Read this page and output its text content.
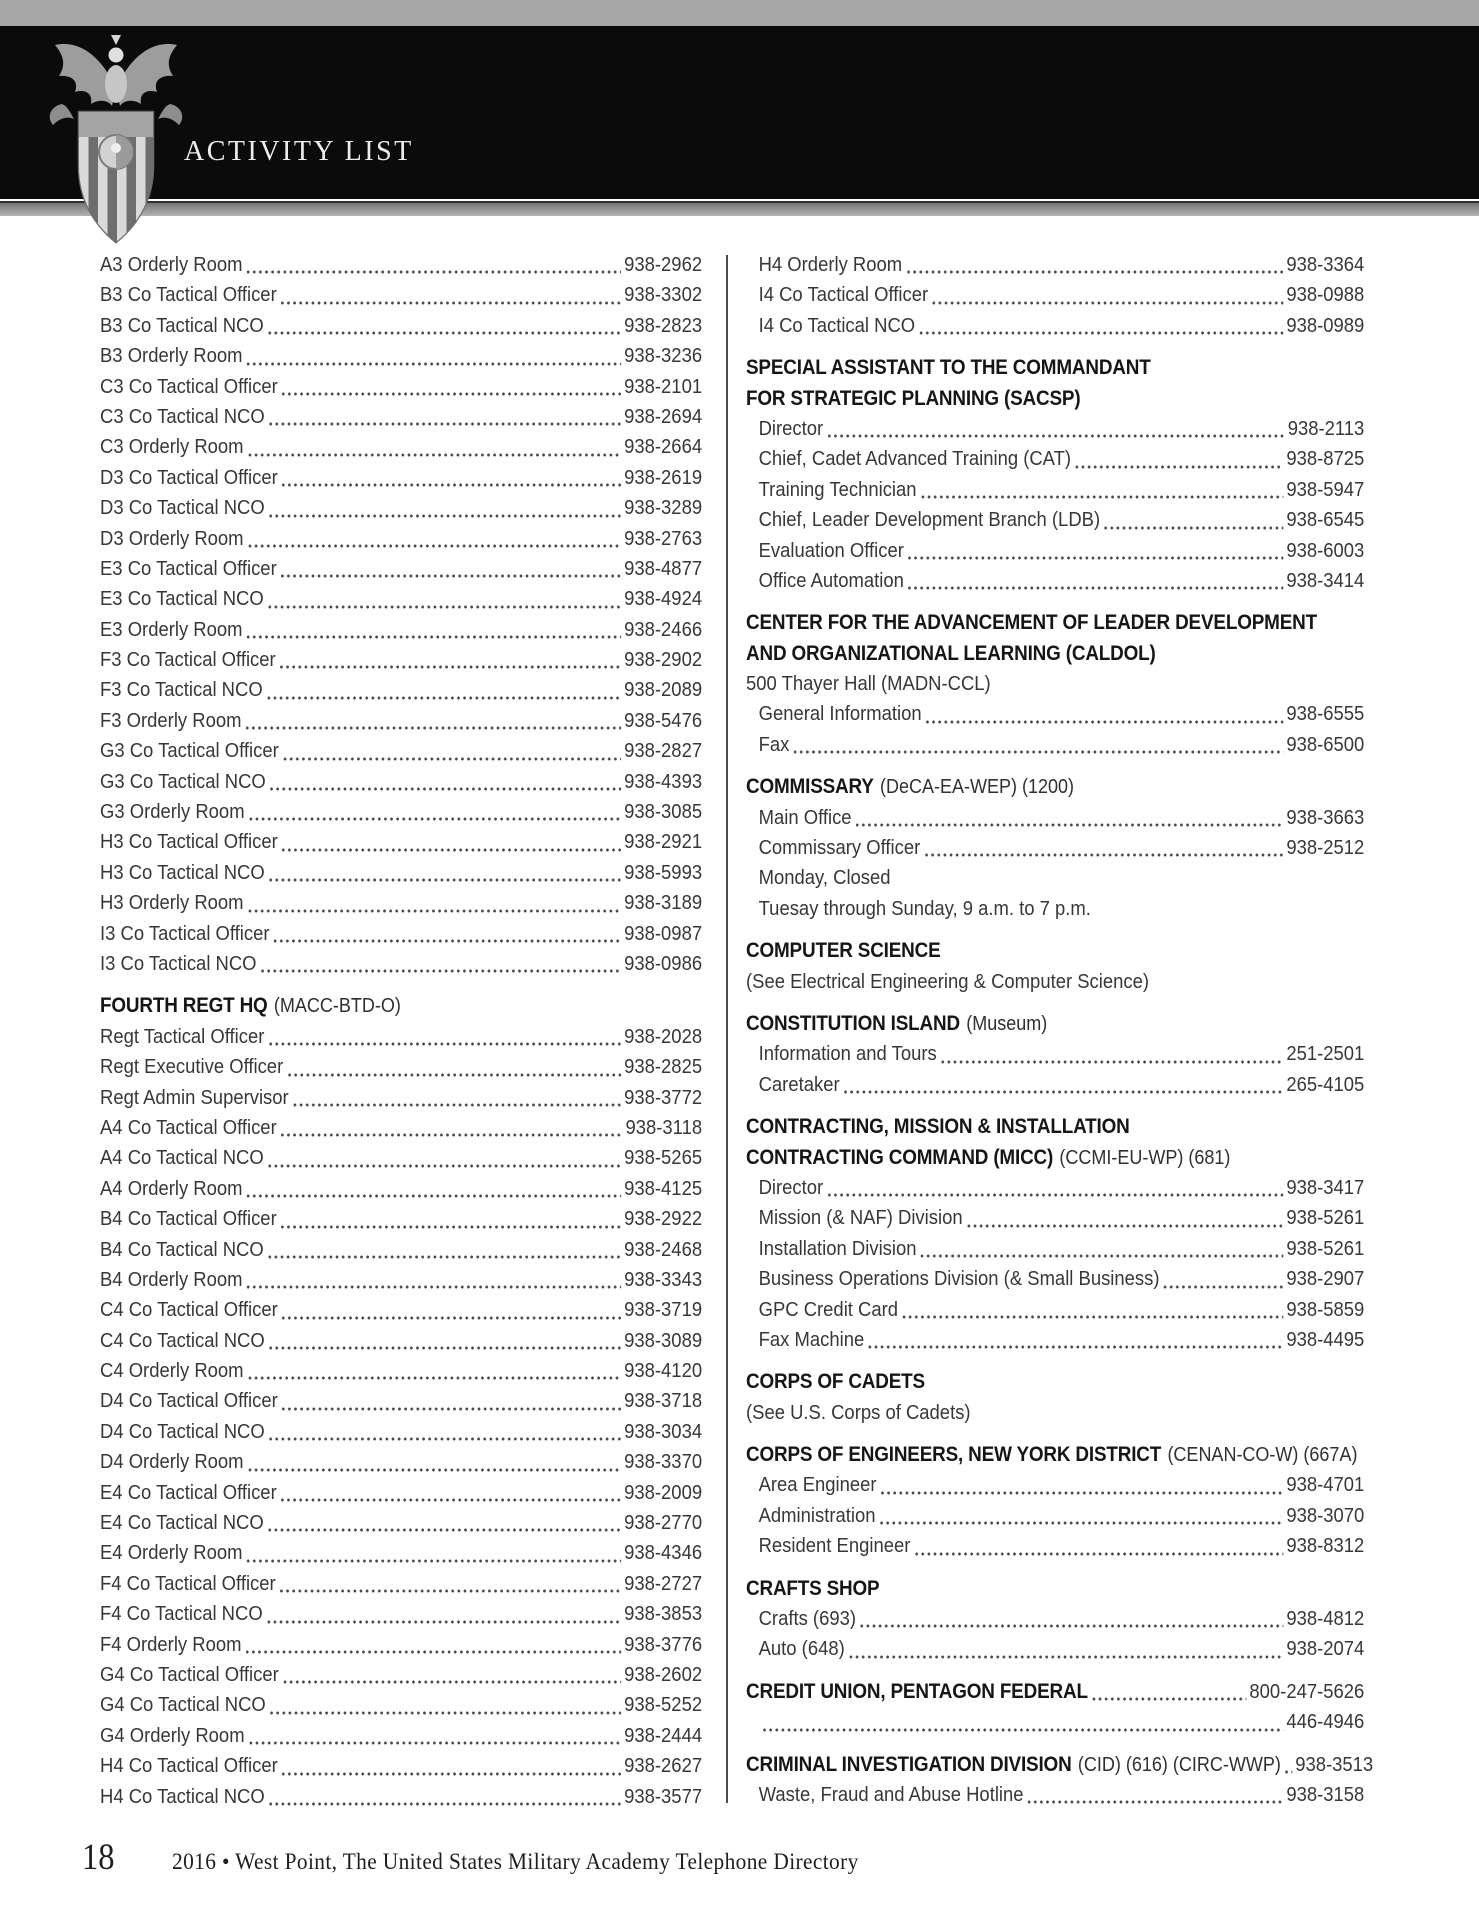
ACTIVITY LIST
A3 Orderly Room	938-2962
B3 Co Tactical Officer	938-3302
B3 Co Tactical NCO	938-2823
B3 Orderly Room	938-3236
C3 Co Tactical Officer	938-2101
C3 Co Tactical NCO	938-2694
C3 Orderly Room	938-2664
D3 Co Tactical Officer	938-2619
D3 Co Tactical NCO	938-3289
D3 Orderly Room	938-2763
E3 Co Tactical Officer	938-4877
E3 Co Tactical NCO	938-4924
E3 Orderly Room	938-2466
F3 Co Tactical Officer	938-2902
F3 Co Tactical NCO	938-2089
F3 Orderly Room	938-5476
G3 Co Tactical Officer	938-2827
G3 Co Tactical NCO	938-4393
G3 Orderly Room	938-3085
H3 Co Tactical Officer	938-2921
H3 Co Tactical NCO	938-5993
H3 Orderly Room	938-3189
I3 Co Tactical Officer	938-0987
I3 Co Tactical NCO	938-0986
FOURTH REGT HQ (MACC-BTD-O)
Regt Tactical Officer	938-2028
Regt Executive Officer	938-2825
Regt Admin Supervisor	938-3772
A4 Co Tactical Officer	938-3118
A4 Co Tactical NCO	938-5265
A4 Orderly Room	938-4125
B4 Co Tactical Officer	938-2922
B4 Co Tactical NCO	938-2468
B4 Orderly Room	938-3343
C4 Co Tactical Officer	938-3719
C4 Co Tactical NCO	938-3089
C4 Orderly Room	938-4120
D4 Co Tactical Officer	938-3718
D4 Co Tactical NCO	938-3034
D4 Orderly Room	938-3370
E4 Co Tactical Officer	938-2009
E4 Co Tactical NCO	938-2770
E4 Orderly Room	938-4346
F4 Co Tactical Officer	938-2727
F4 Co Tactical NCO	938-3853
F4 Orderly Room	938-3776
G4 Co Tactical Officer	938-2602
G4 Co Tactical NCO	938-5252
G4 Orderly Room	938-2444
H4 Co Tactical Officer	938-2627
H4 Co Tactical NCO	938-3577
H4 Orderly Room	938-3364
I4 Co Tactical Officer	938-0988
I4 Co Tactical NCO	938-0989
SPECIAL ASSISTANT TO THE COMMANDANT
FOR STRATEGIC PLANNING (SACSP)
Director	938-2113
Chief, Cadet Advanced Training (CAT)	938-8725
Training Technician	938-5947
Chief, Leader Development Branch (LDB)	938-6545
Evaluation Officer	938-6003
Office Automation	938-3414
CENTER FOR THE ADVANCEMENT OF LEADER DEVELOPMENT
AND ORGANIZATIONAL LEARNING (CALDOL)
500 Thayer Hall (MADN-CCL)
General Information	938-6555
Fax	938-6500
COMMISSARY (DeCA-EA-WEP) (1200)
Main Office	938-3663
Commissary Officer	938-2512
Monday, Closed
Tuesay through Sunday, 9 a.m. to 7 p.m.
COMPUTER SCIENCE
(See Electrical Engineering & Computer Science)
CONSTITUTION ISLAND (Museum)
Information and Tours	251-2501
Caretaker	265-4105
CONTRACTING, MISSION & INSTALLATION
CONTRACTING COMMAND (MICC) (CCMI-EU-WP) (681)
Director	938-3417
Mission (& NAF) Division	938-5261
Installation Division	938-5261
Business Operations Division (& Small Business)	938-2907
GPC Credit Card	938-5859
Fax Machine	938-4495
CORPS OF CADETS
(See U.S. Corps of Cadets)
CORPS OF ENGINEERS, NEW YORK DISTRICT (CENAN-CO-W) (667A)
Area Engineer	938-4701
Administration	938-3070
Resident Engineer	938-8312
CRAFTS SHOP
Crafts (693)	938-4812
Auto (648)	938-2074
CREDIT UNION, PENTAGON FEDERAL	800-247-5626
446-4946
CRIMINAL INVESTIGATION DIVISION (CID) (616) (CIRC-WWP) 938-3513
Waste, Fraud and Abuse Hotline	938-3158
18 2016 • West Point, The United States Military Academy Telephone Directory
